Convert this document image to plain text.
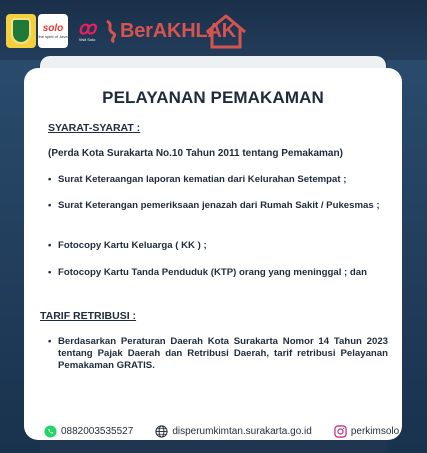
solo
the spirit of Java ꝏ
Visit Solo BerAKHLAK
PELAYANAN PEMAKAMAN
SYARAT-SYARAT :
(Perda Kota Surakarta No.10 Tahun 2011 tentang Pemakaman)
• Surat Keteraangan laporan kematian dari Kelurahan Setempat ;
• Surat Keterangan pemeriksaan jenazah dari Rumah Sakit / Pukesmas ;
• Fotocopy Kartu Keluarga ( KK ) ;
• Fotocopy Kartu Tanda Penduduk (KTP) orang yang meninggal ; dan
TARIF RETRIBUSI :
• Berdasarkan Peraturan Daerah Kota Surakarta Nomor 14 Tahun 2023 tentang Pajak Daerah dan Retribusi Daerah, tarif retribusi Pelayanan Pemakaman GRATIS.
0882003535527	disperumkimtan.surakarta.go.id	perkimsolo
